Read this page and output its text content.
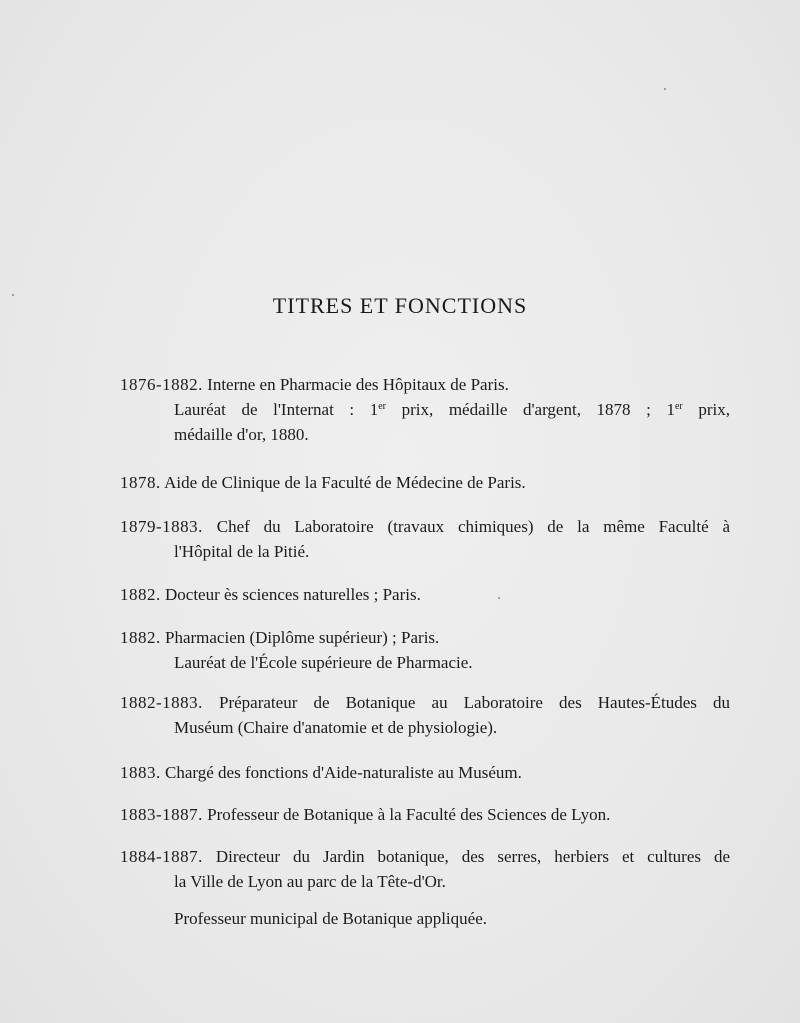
TITRES ET FONCTIONS
1876-1882. Interne en Pharmacie des Hôpitaux de Paris.
Lauréat de l'Internat : 1er prix, médaille d'argent, 1878 ; 1er prix,
médaille d'or, 1880.
1878. Aide de Clinique de la Faculté de Médecine de Paris.
1879-1883. Chef du Laboratoire (travaux chimiques) de la même Faculté à
l'Hôpital de la Pitié.
1882. Docteur ès sciences naturelles ; Paris.
1882. Pharmacien (Diplôme supérieur) ; Paris.
Lauréat de l'École supérieure de Pharmacie.
1882-1883. Préparateur de Botanique au Laboratoire des Hautes-Études du
Muséum (Chaire d'anatomie et de physiologie).
1883. Chargé des fonctions d'Aide-naturaliste au Muséum.
1883-1887. Professeur de Botanique à la Faculté des Sciences de Lyon.
1884-1887. Directeur du Jardin botanique, des serres, herbiers et cultures de
la Ville de Lyon au parc de la Tête-d'Or.
Professeur municipal de Botanique appliquée.
